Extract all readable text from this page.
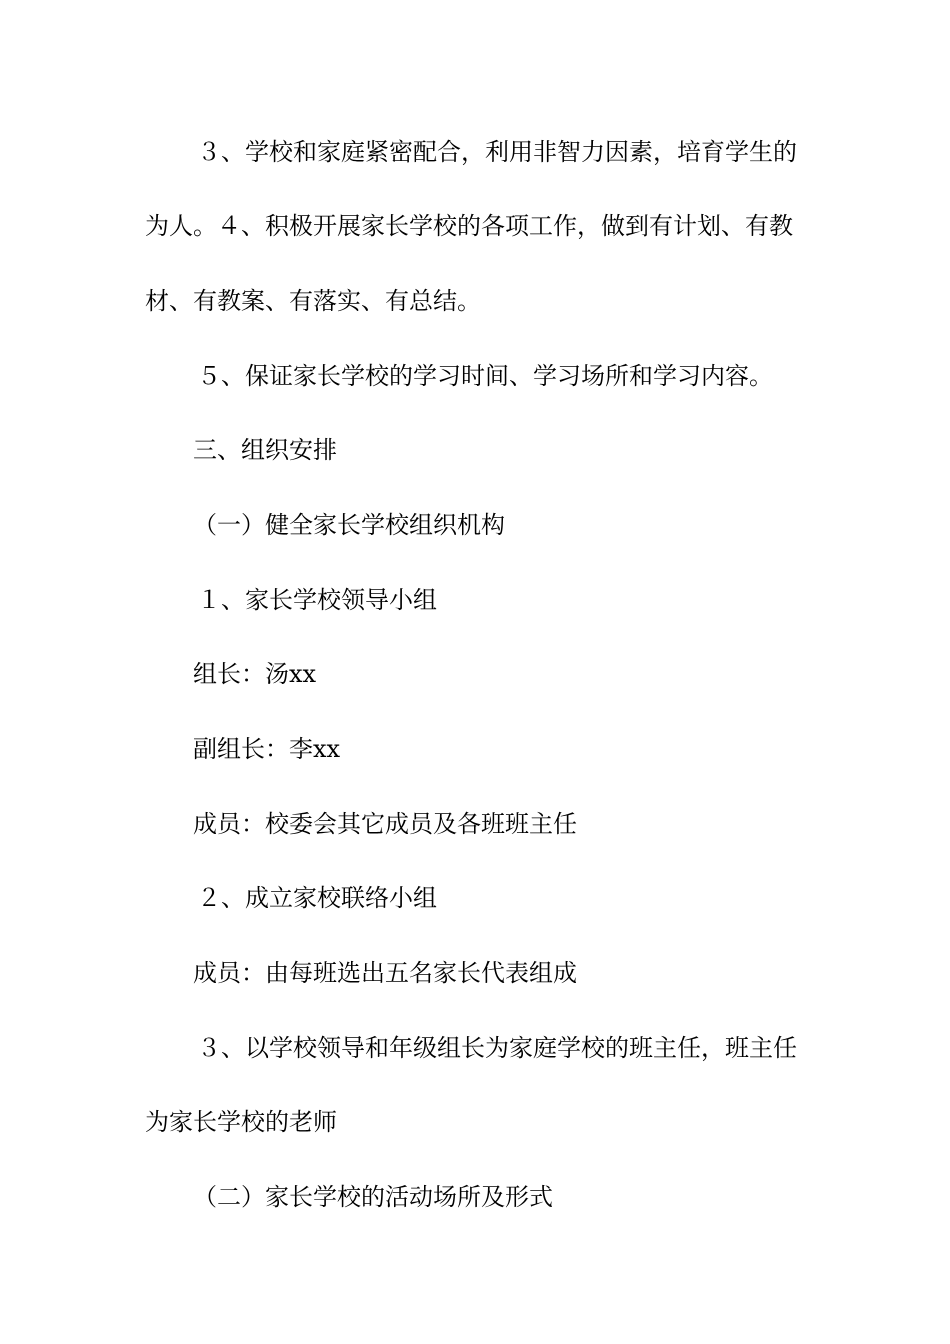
３、学校和家庭紧密配合，利用非智力因素，培育学生的
为人。４、积极开展家长学校的各项工作，做到有计划、有教
材、有教案、有落实、有总结。
５、保证家长学校的学习时间、学习场所和学习内容。
三、组织安排
（一）健全家长学校组织机构
１、家长学校领导小组
组长：汤xx
副组长：李xx
成员：校委会其它成员及各班班主任
２、成立家校联络小组
成员：由每班选出五名家长代表组成
３、以学校领导和年级组长为家庭学校的班主任，班主任
为家长学校的老师
（二）家长学校的活动场所及形式
